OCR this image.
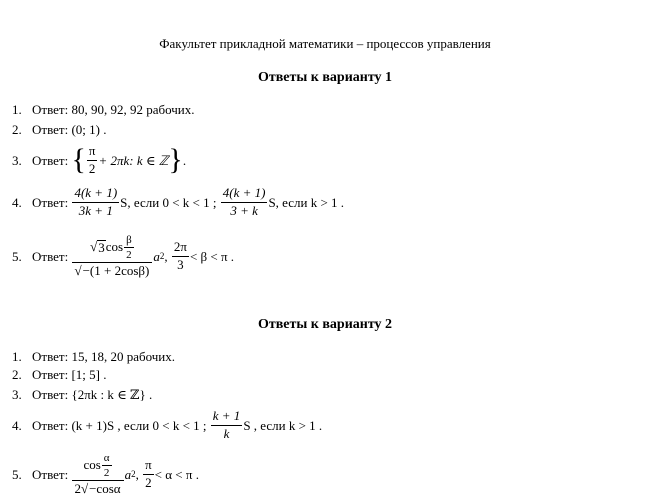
Факультет прикладной математики – процессов управления
Ответы к варианту 1
1. Ответ: 80, 90, 92, 92 рабочих.
2. Ответ: (0; 1) .
3. Ответ:
{ $\frac{\pi}{2} + 2\pi k$: k ∈ ℤ } .
4. Ответ:
$\frac{4(k + 1)}{3k + 1} S$, если 0 < k < 1 ;
$\frac{4(k + 1)}{3 + k} S$, если k > 1 .
5. Ответ:
$\frac{√ 3 \cos \frac{\beta}{2}}{√-(1 + 2\cos\beta)}$ a 2 , $\frac{2\pi}{3} < \beta < \pi$ .
Ответы к варианту 2
1. Ответ: 15, 18, 20 рабочих.
2. Ответ: [1; 5] .
3. Ответ: {2πk : k ∈ ℤ} .
4. Ответ:
(k + 1)S , если 0 < k < 1 ;
$\frac{k + 1}{k}$ S , если k > 1 .
5. Ответ:
$\frac{\cos \frac{\alpha}{2}}{2√-\cos\alpha}$ a 2 , $\frac{\pi}{2} < \alpha < \pi$ .
